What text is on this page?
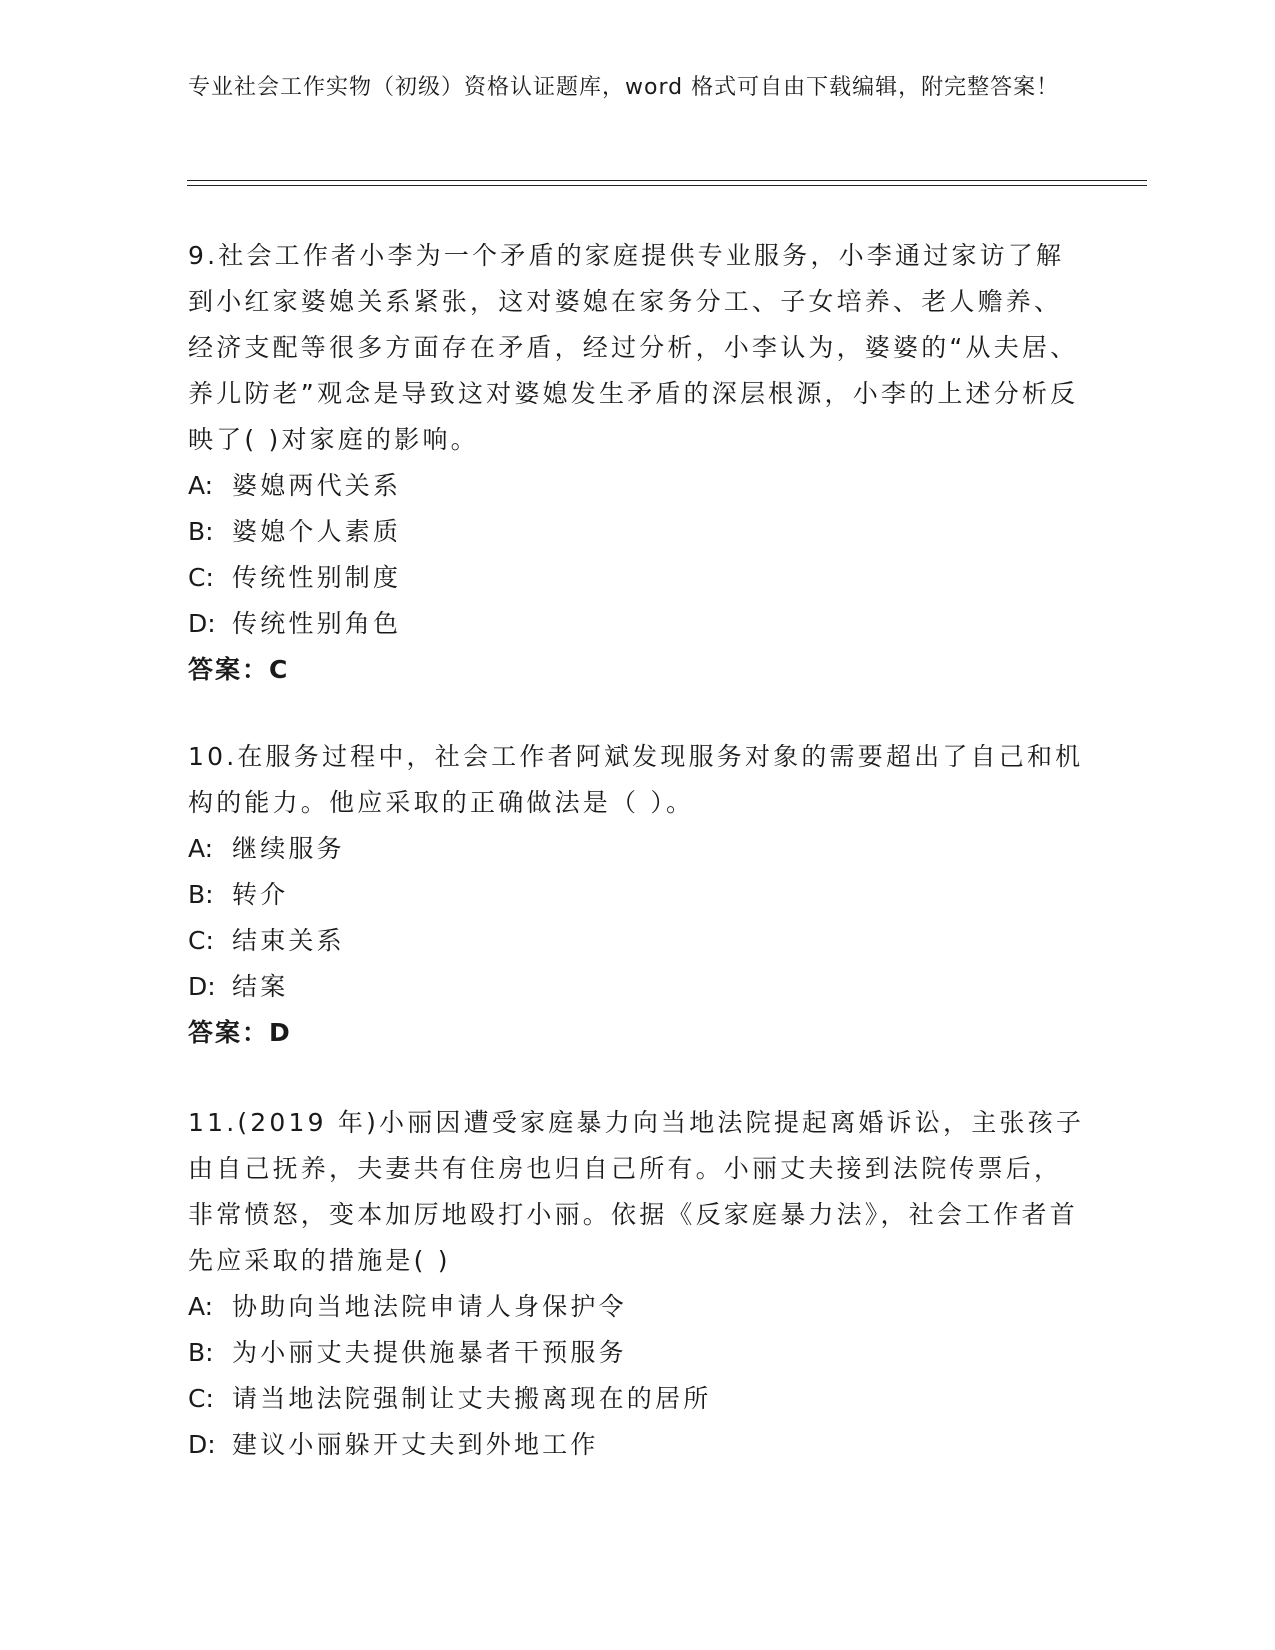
专业社会工作实物（初级）资格认证题库，word 格式可自由下载编辑，附完整答案！

9.社会工作者小李为一个矛盾的家庭提供专业服务，小李通过家访了解到小红家婆媳关系紧张，这对婆媳在家务分工、子女培养、老人赡养、经济支配等很多方面存在矛盾，经过分析，小李认为，婆婆的“从夫居、养儿防老”观念是导致这对婆媳发生矛盾的深层根源，小李的上述分析反映了( )对家庭的影响。

A: 婆媳两代关系

B: 婆媳个人素质

C: 传统性别制度

D: 传统性别角色

答案：C

10.在服务过程中，社会工作者阿斌发现服务对象的需要超出了自己和机构的能力。他应采取的正确做法是（ ）。

A: 继续服务

B: 转介

C: 结束关系

D: 结案

答案：D

11.(2019 年)小丽因遭受家庭暴力向当地法院提起离婚诉讼，主张孩子由自己抚养，夫妻共有住房也归自己所有。小丽丈夫接到法院传票后，非常愤怒，变本加厉地殴打小丽。依据《反家庭暴力法》，社会工作者首先应采取的措施是( )

A: 协助向当地法院申请人身保护令

B: 为小丽丈夫提供施暴者干预服务

C: 请当地法院强制让丈夫搬离现在的居所

D: 建议小丽躲开丈夫到外地工作
